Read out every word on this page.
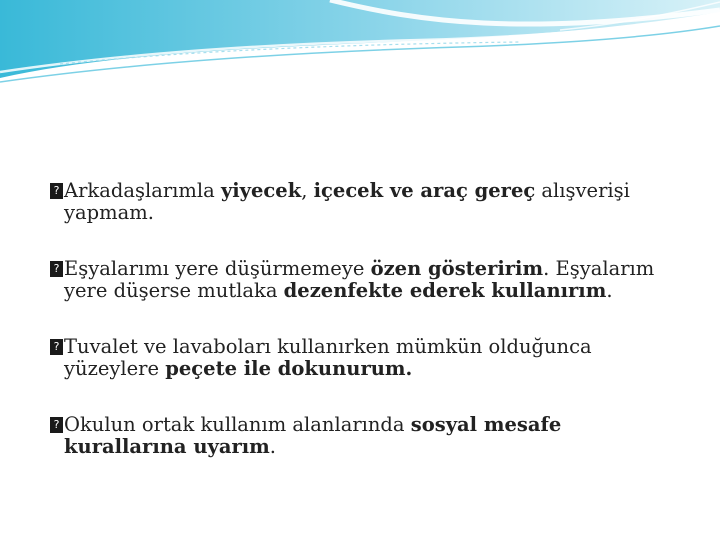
? Arkadaşlarımla yiyecek, içecek ve araç gereç alışverişi
yapmam.
? Eşyalarımı yere düşürmemeye özen gösteririm. Eşyalarım
yere düşerse mutlaka dezenfekte ederek kullanırım.
? Tuvalet ve lavaboları kullanırken mümkün olduğunca
yüzeylere peçete ile dokunurum.
? Okulun ortak kullanım alanlarında sosyal mesafe
kurallarına uyarım.
